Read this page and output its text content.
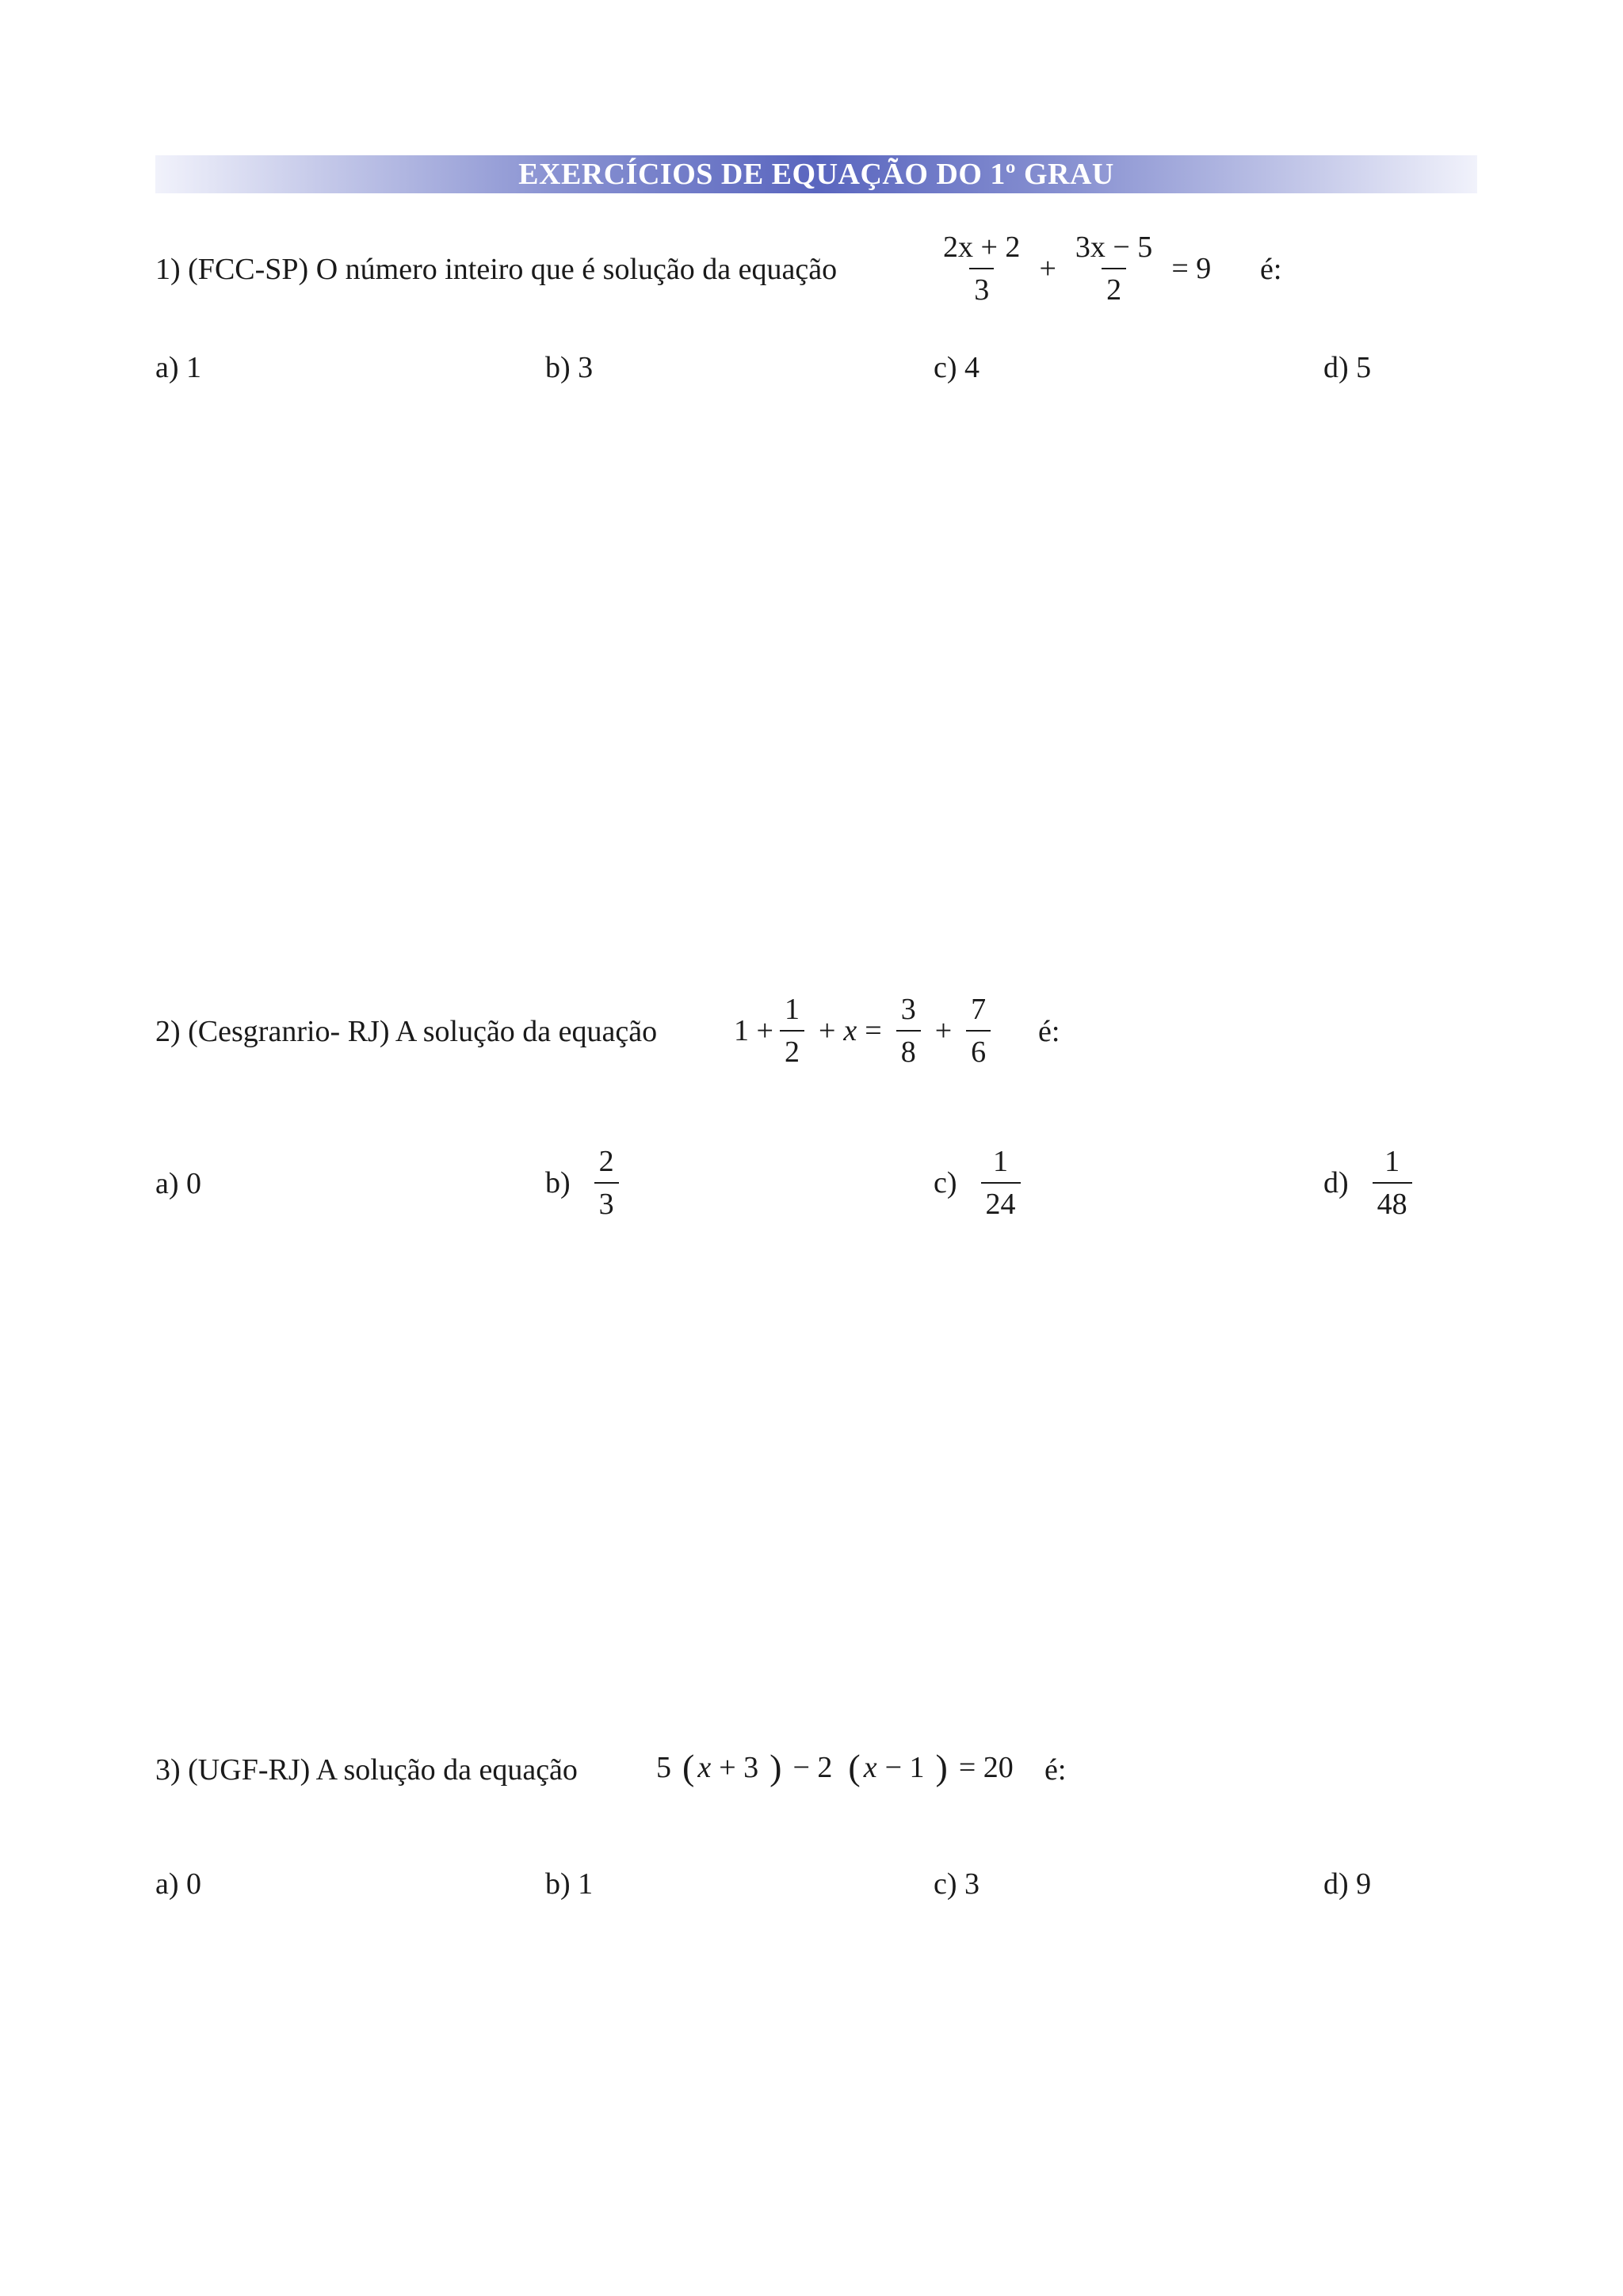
EXERCÍCIOS DE EQUAÇÃO DO 1º GRAU
1) (FCC-SP) O número inteiro que é solução da equação	$\frac{2x + 2}{3} + \frac{3x - 5}{2} = 9$ é:
a) 1	b) 3	c) 4	d) 5
2) (Cesgranrio- RJ) A solução da equação	$1 + \frac{1}{2} + x = \frac{3}{8} + \frac{7}{6}$ é:
a) 0	$b) \frac{2}{3}$	$c) \frac{1}{24}$	$d) \frac{1}{48}$
3) (UGF-RJ) A solução da equação	5 ( x + 3 ) − 2 ( x − 1 ) = 20 é:
a) 0	b) 1	c) 3	d) 9
